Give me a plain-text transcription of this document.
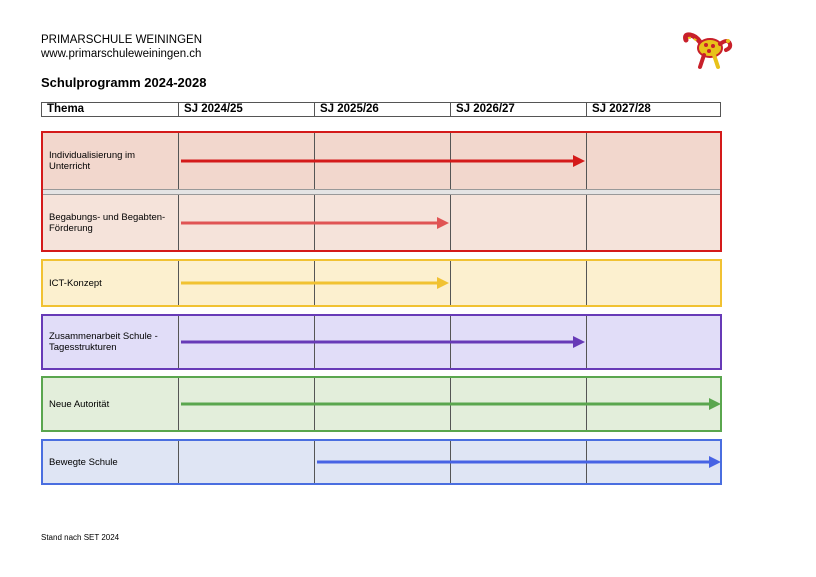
PRIMARSCHULE WEININGEN
www.primarschuleweiningen.ch
Schulprogramm 2024-2028
Thema	SJ 2024/25	SJ 2025/26	SJ 2026/27	SJ 2027/28
Individualisierung im Unterricht
Begabungs- und Begabten-Förderung
ICT-Konzept
Zusammenarbeit Schule - Tagesstrukturen
Neue Autorität
Bewegte Schule
Stand nach SET 2024
